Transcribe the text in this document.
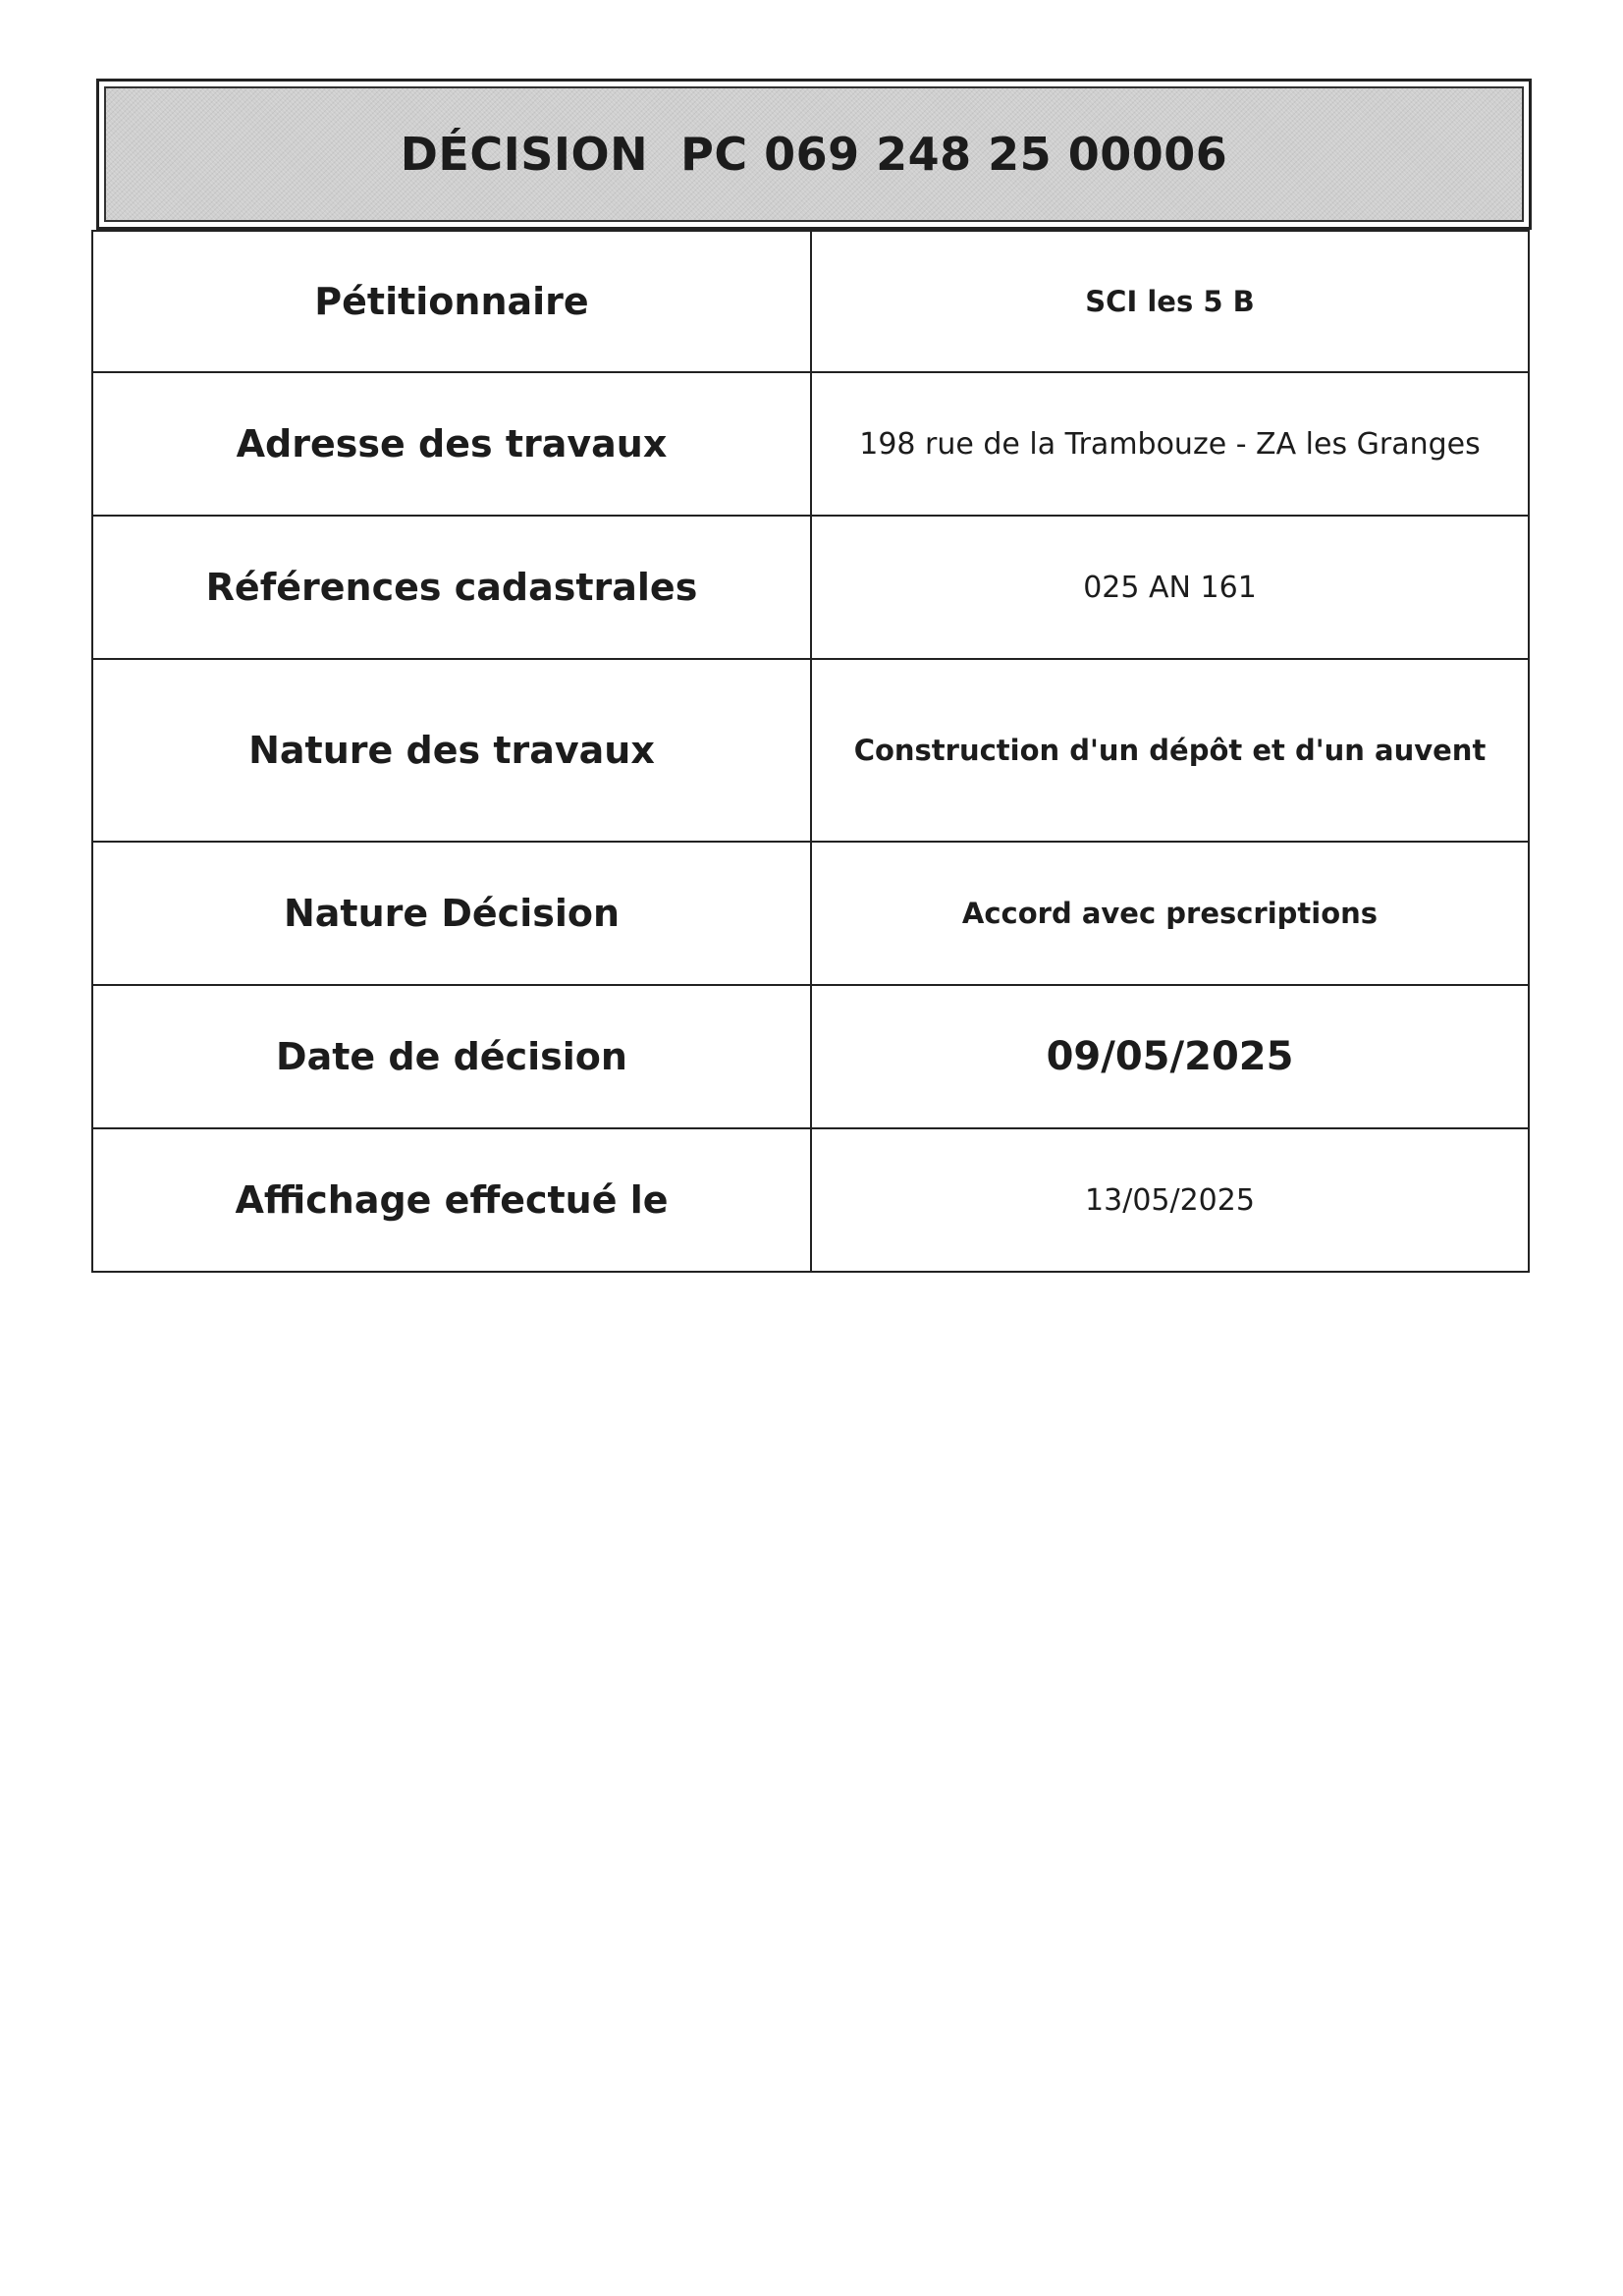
DÉCISION  PC 069 248 25 00006
Pétitionnaire	SCI les 5 B
Adresse des travaux	198 rue de la Trambouze - ZA les Granges
Références cadastrales	025 AN 161
Nature des travaux	Construction d'un dépôt et d'un auvent
Nature Décision	Accord avec prescriptions
Date de décision	09/05/2025
Affichage effectué le	13/05/2025
